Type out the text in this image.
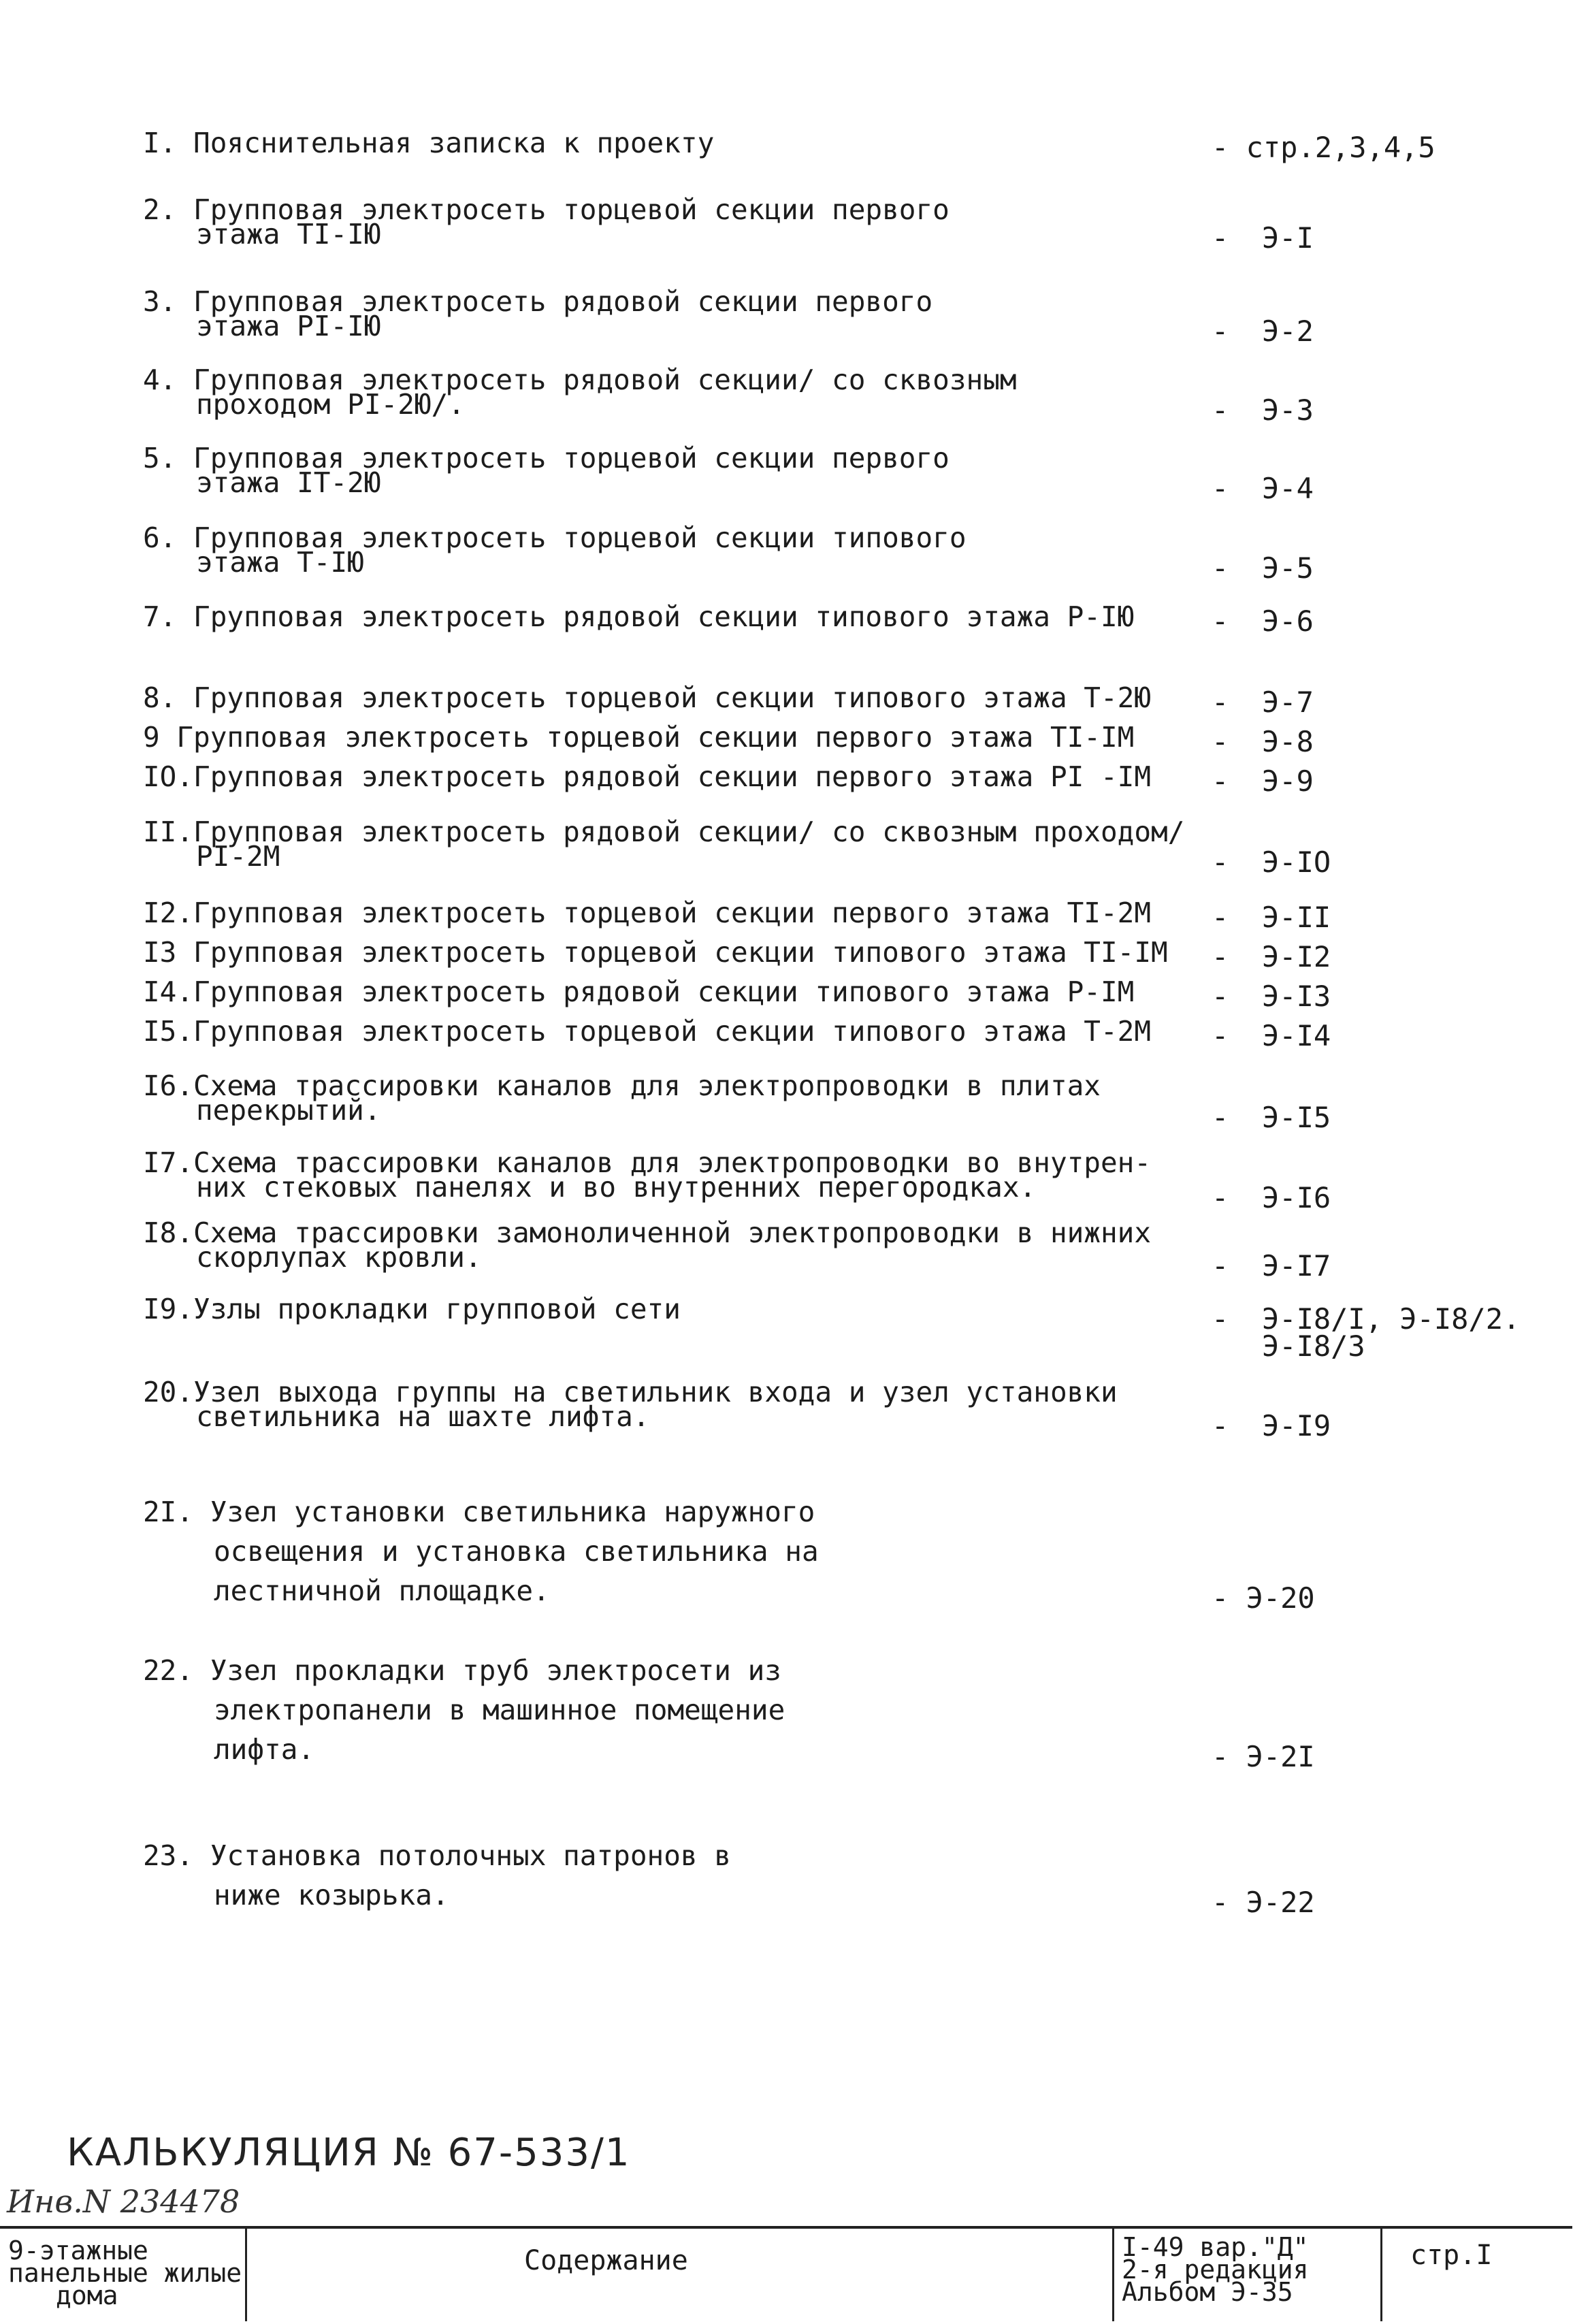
I. Пояснительная записка к проекту	- стр.2,3,4,5
2. Групповая электросеть торцевой секции первого
этажа TI-IЮ	- Э-I
3. Групповая электросеть рядовой секции первого
этажа PI-IЮ	- Э-2
4. Групповая электросеть рядовой секции/ со сквозным
проходом PI-2Ю/.	- Э-3
5. Групповая электросеть торцевой секции первого
этажа IT-2Ю	- Э-4
6. Групповая электросеть торцевой секции типового
этажа T-IЮ	- Э-5
7. Групповая электросеть рядовой секции типового этажа P-IЮ	- Э-6
8. Групповая электросеть торцевой секции типового этажа T-2Ю	- Э-7
9 Групповая электросеть торцевой секции первого этажа TI-IМ	- Э-8
IO.Групповая электросеть рядовой секции первого этажа PI -IМ	- Э-9
II.Групповая электросеть рядовой секции/ со сквозным проходом/
PI-2М	- Э-IO
I2.Групповая электросеть торцевой секции первого этажа TI-2М	- Э-II
I3 Групповая электросеть торцевой секции типового этажа TI-IМ	- Э-I2
I4.Групповая электросеть рядовой секции типового этажа P-IМ	- Э-I3
I5.Групповая электросеть торцевой секции типового этажа T-2М	- Э-I4
I6.Схема трассировки каналов для электропроводки в плитах
перекрытий.	- Э-I5
I7.Схема трассировки каналов для электропроводки во внутрен-
них стековых панелях и во внутренних перегородках.	- Э-I6
I8.Схема трассировки замоноличенной электропроводки в нижних
скорлупах кровли.	- Э-I7
I9.Узлы прокладки групповой сети	- Э-I8/I, Э-I8/2.
Э-I8/3
20.Узел выхода группы на светильник входа и узел установки
светильника на шахте лифта.	- Э-I9
2I. Узел установки светильника наружного
освещения и установка светильника на
лестничной площадке.	- Э-20
22. Узел прокладки труб электросети из
электропанели в машинное помещение
лифта.	- Э-2I
23. Установка потолочных патронов в
ниже козырька.	- Э-22
КАЛЬКУЛЯЦИЯ № 67-533/1
Инв.N 234478
9-этажные
панельные жилые
дома
Содержание	I-49 вар."Д"
2-я редакция
Альбом Э-35
стр.I
